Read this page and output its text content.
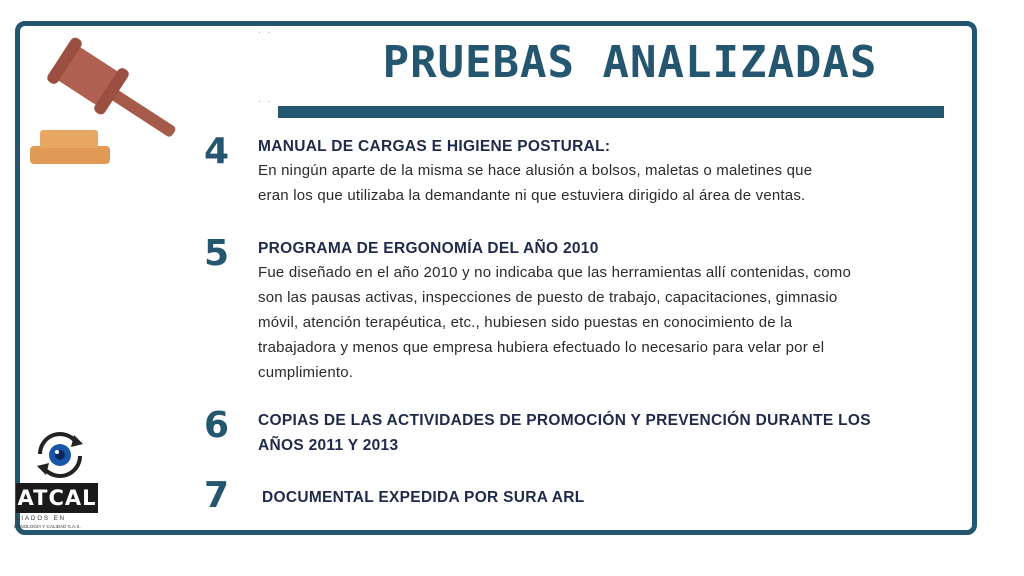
. .
. .
PRUEBAS ANALIZADAS
4	MANUAL DE CARGAS E HIGIENE POSTURAL:
En ningún aparte de la misma se hace alusión a bolsos, maletas o maletines que
eran los que utilizaba la demandante ni que estuviera dirigido al área de ventas.
5	PROGRAMA DE ERGONOMÍA DEL AÑO 2010
Fue diseñado en el año 2010 y no indicaba que las herramientas allí contenidas, como
son las pausas activas, inspecciones de puesto de trabajo, capacitaciones, gimnasio
móvil, atención terapéutica, etc., hubiesen sido puestas en conocimiento de la
trabajadora y menos que empresa hubiera efectuado lo necesario para velar por el
cumplimiento.
6	COPIAS DE LAS ACTIVIDADES DE PROMOCIÓN Y PREVENCIÓN DURANTE LOS
AÑOS 2011 Y 2013
7	DOCUMENTAL EXPEDIDA POR SURA ARL
ATCAL
LIADOS EN
ECNOLOGÍA Y CALIDAD S.A.S.
